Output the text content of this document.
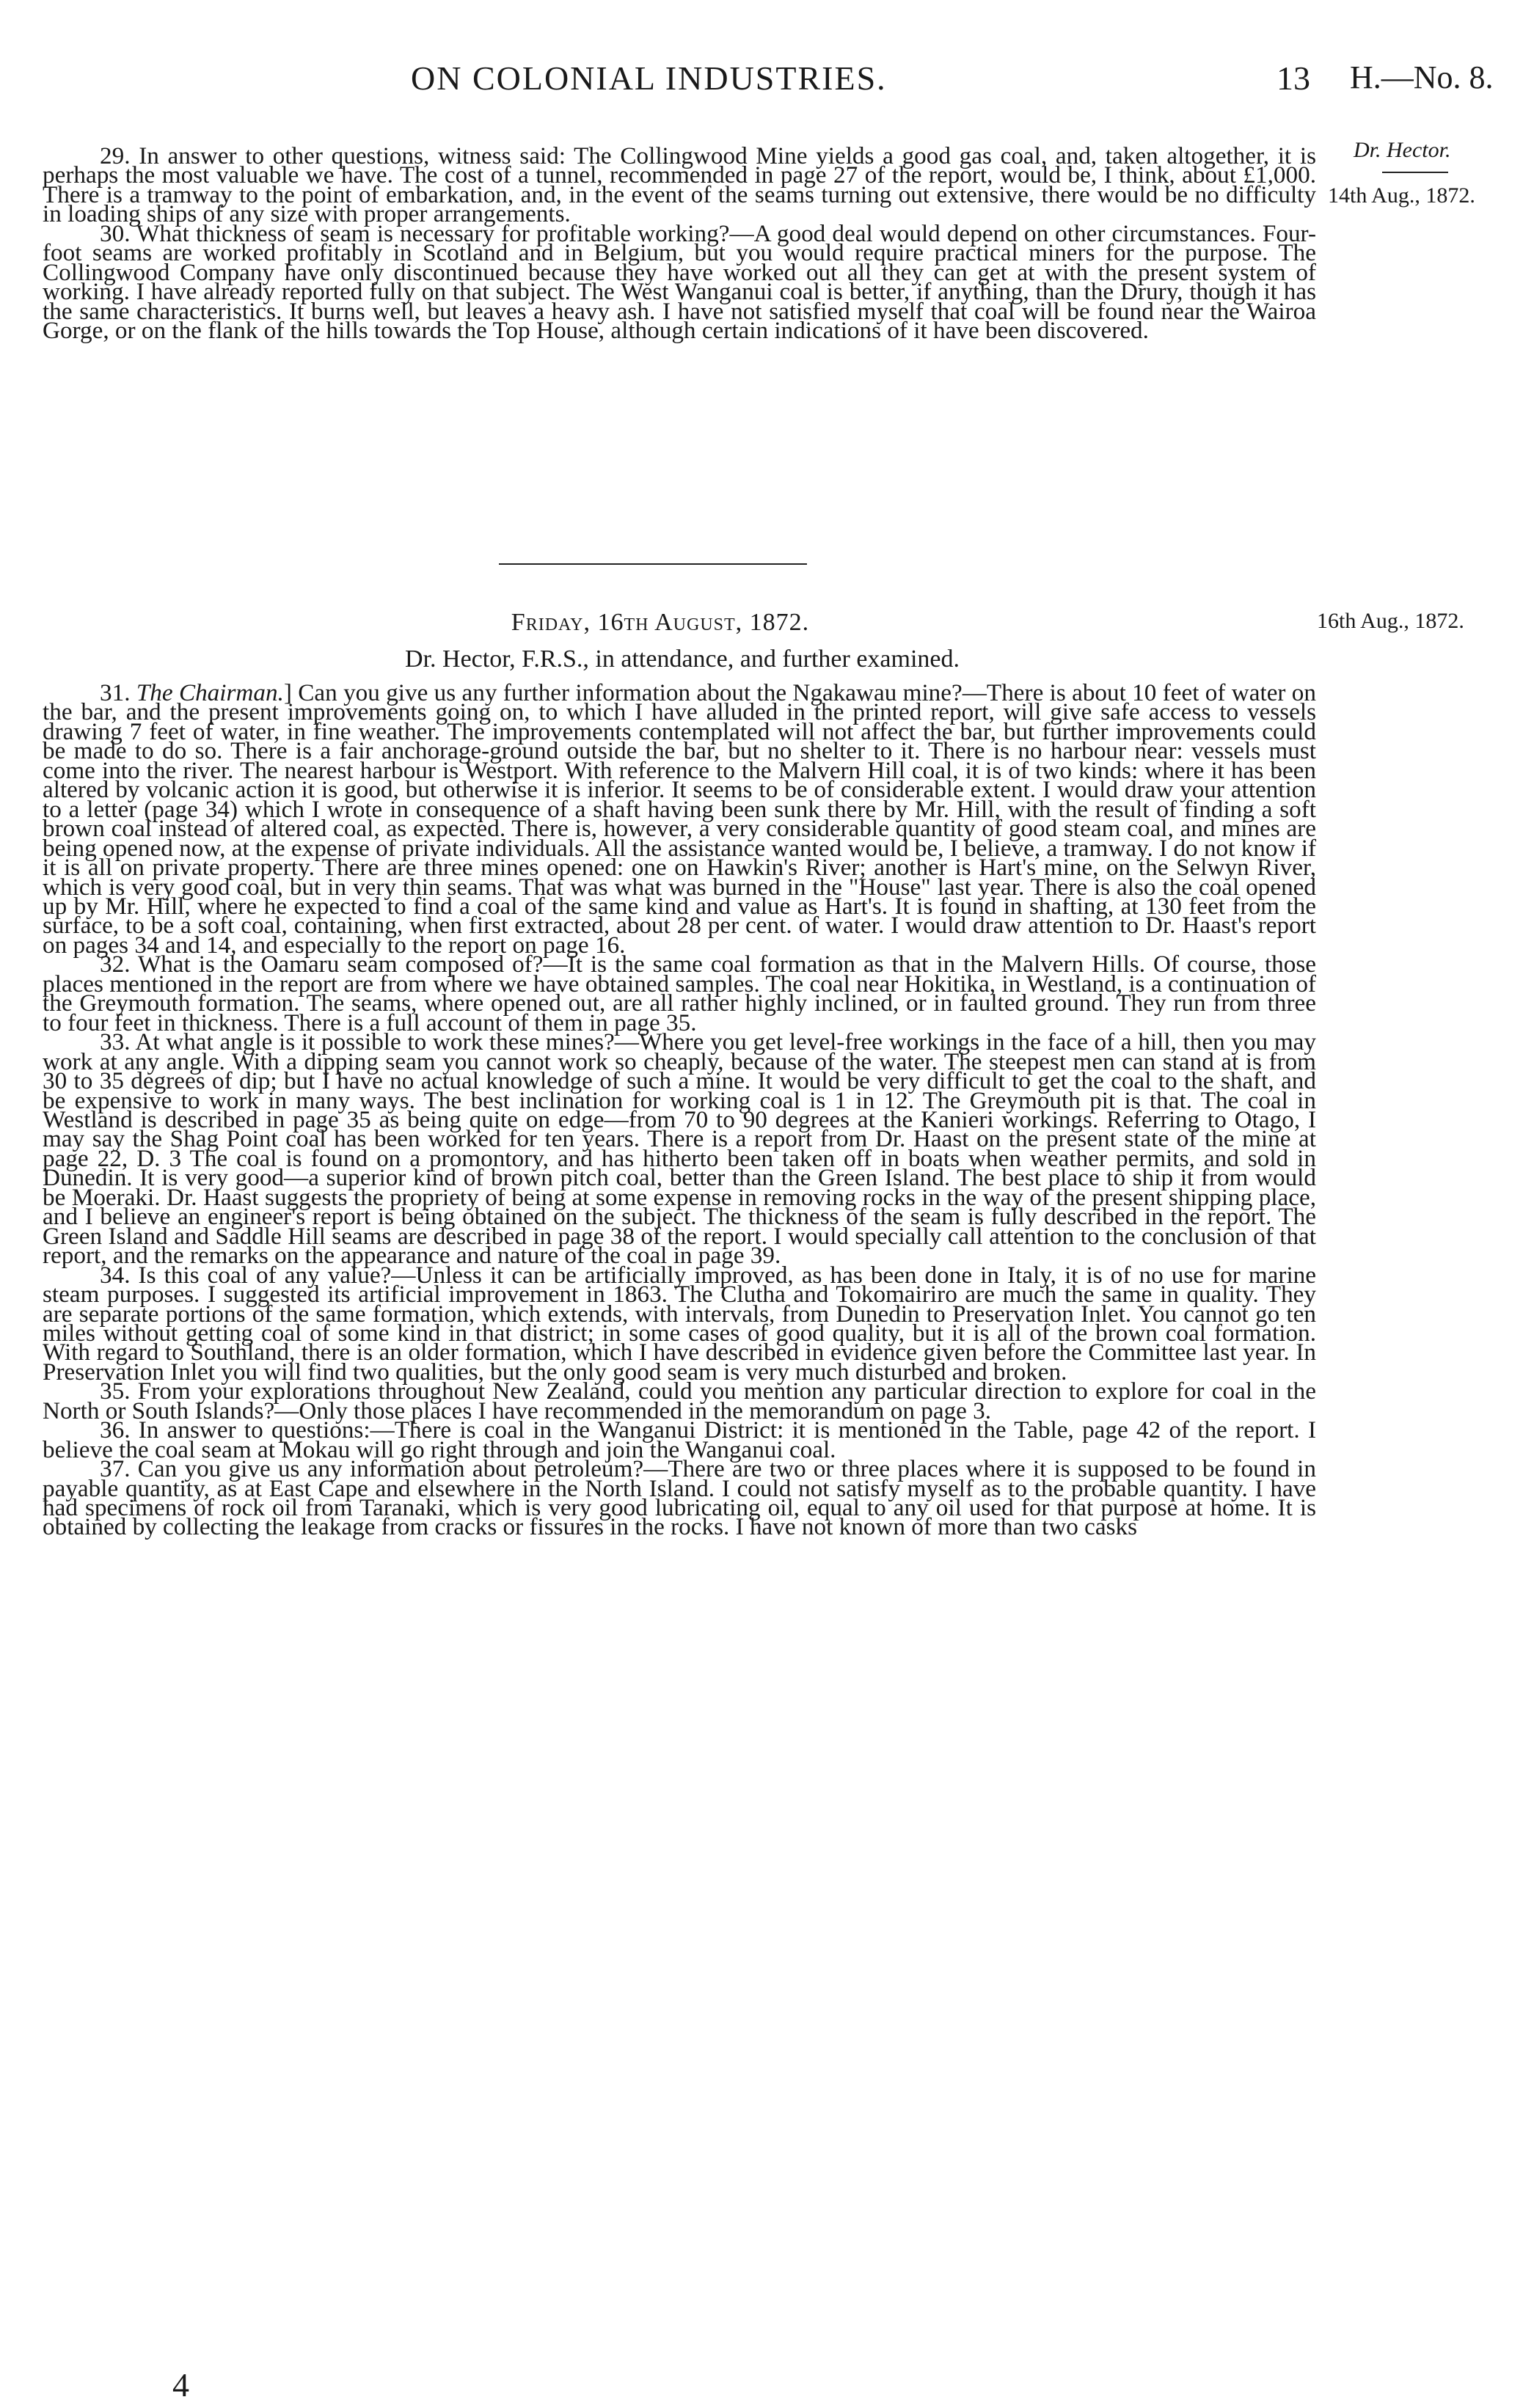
ON COLONIAL INDUSTRIES.	13 H.—No. 8.
Dr. Hector.
14th Aug., 1872.
16th Aug., 1872.

29. In answer to other questions, witness said: The Collingwood Mine yields a good gas coal, and, taken altogether, it is perhaps the most valuable we have. The cost of a tunnel, recommended in page 27 of the report, would be, I think, about £1,000. There is a tramway to the point of embarkation, and, in the event of the seams turning out extensive, there would be no difficulty in loading ships of any size with proper arrangements.

30. What thickness of seam is necessary for profitable working?—A good deal would depend on other circumstances. Four-foot seams are worked profitably in Scotland and in Belgium, but you would require practical miners for the purpose. The Collingwood Company have only discontinued because they have worked out all they can get at with the present system of working. I have already reported fully on that subject. The West Wanganui coal is better, if anything, than the Drury, though it has the same characteristics. It burns well, but leaves a heavy ash. I have not satisfied myself that coal will be found near the Wairoa Gorge, or on the flank of the hills towards the Top House, although certain indications of it have been discovered.

Friday, 16th August, 1872.
Dr. Hector, F.R.S., in attendance, and further examined.

31. The Chairman.] Can you give us any further information about the Ngakawau mine?—There is about 10 feet of water on the bar, and the present improvements going on, to which I have alluded in the printed report, will give safe access to vessels drawing 7 feet of water, in fine weather. The improvements contemplated will not affect the bar, but further improvements could be made to do so. There is a fair anchorage-ground outside the bar, but no shelter to it. There is no harbour near: vessels must come into the river. The nearest harbour is Westport. With reference to the Malvern Hill coal, it is of two kinds: where it has been altered by volcanic action it is good, but otherwise it is inferior. It seems to be of considerable extent. I would draw your attention to a letter (page 34) which I wrote in consequence of a shaft having been sunk there by Mr. Hill, with the result of finding a soft brown coal instead of altered coal, as expected. There is, however, a very considerable quantity of good steam coal, and mines are being opened now, at the expense of private individuals. All the assistance wanted would be, I believe, a tramway. I do not know if it is all on private property. There are three mines opened: one on Hawkin's River; another is Hart's mine, on the Selwyn River, which is very good coal, but in very thin seams. That was what was burned in the "House" last year. There is also the coal opened up by Mr. Hill, where he expected to find a coal of the same kind and value as Hart's. It is found in shafting, at 130 feet from the surface, to be a soft coal, containing, when first extracted, about 28 per cent. of water. I would draw attention to Dr. Haast's report on pages 34 and 14, and especially to the report on page 16.

32. What is the Oamaru seam composed of?—It is the same coal formation as that in the Malvern Hills. Of course, those places mentioned in the report are from where we have obtained samples. The coal near Hokitika, in Westland, is a continuation of the Greymouth formation. The seams, where opened out, are all rather highly inclined, or in faulted ground. They run from three to four feet in thickness. There is a full account of them in page 35.

33. At what angle is it possible to work these mines?—Where you get level-free workings in the face of a hill, then you may work at any angle. With a dipping seam you cannot work so cheaply, because of the water. The steepest men can stand at is from 30 to 35 degrees of dip; but I have no actual knowledge of such a mine. It would be very difficult to get the coal to the shaft, and be expensive to work in many ways. The best inclination for working coal is 1 in 12. The Greymouth pit is that. The coal in Westland is described in page 35 as being quite on edge—from 70 to 90 degrees at the Kanieri workings. Referring to Otago, I may say the Shag Point coal has been worked for ten years. There is a report from Dr. Haast on the present state of the mine at page 22, D. 3 The coal is found on a promontory, and has hitherto been taken off in boats when weather permits, and sold in Dunedin. It is very good—a superior kind of brown pitch coal, better than the Green Island. The best place to ship it from would be Moeraki. Dr. Haast suggests the propriety of being at some expense in removing rocks in the way of the present shipping place, and I believe an engineer's report is being obtained on the subject. The thickness of the seam is fully described in the report. The Green Island and Saddle Hill seams are described in page 38 of the report. I would specially call attention to the conclusion of that report, and the remarks on the appearance and nature of the coal in page 39.

34. Is this coal of any value?—Unless it can be artificially improved, as has been done in Italy, it is of no use for marine steam purposes. I suggested its artificial improvement in 1863. The Clutha and Tokomairiro are much the same in quality. They are separate portions of the same formation, which extends, with intervals, from Dunedin to Preservation Inlet. You cannot go ten miles without getting coal of some kind in that district; in some cases of good quality, but it is all of the brown coal formation. With regard to Southland, there is an older formation, which I have described in evidence given before the Committee last year. In Preservation Inlet you will find two qualities, but the only good seam is very much disturbed and broken.

35. From your explorations throughout New Zealand, could you mention any particular direction to explore for coal in the North or South Islands?—Only those places I have recommended in the memorandum on page 3.

36. In answer to questions:—There is coal in the Wanganui District: it is mentioned in the Table, page 42 of the report. I believe the coal seam at Mokau will go right through and join the Wanganui coal.

37. Can you give us any information about petroleum?—There are two or three places where it is supposed to be found in payable quantity, as at East Cape and elsewhere in the North Island. I could not satisfy myself as to the probable quantity. I have had specimens of rock oil from Taranaki, which is very good lubricating oil, equal to any oil used for that purpose at home. It is obtained by collecting the leakage from cracks or fissures in the rocks. I have not known of more than two casks

4
